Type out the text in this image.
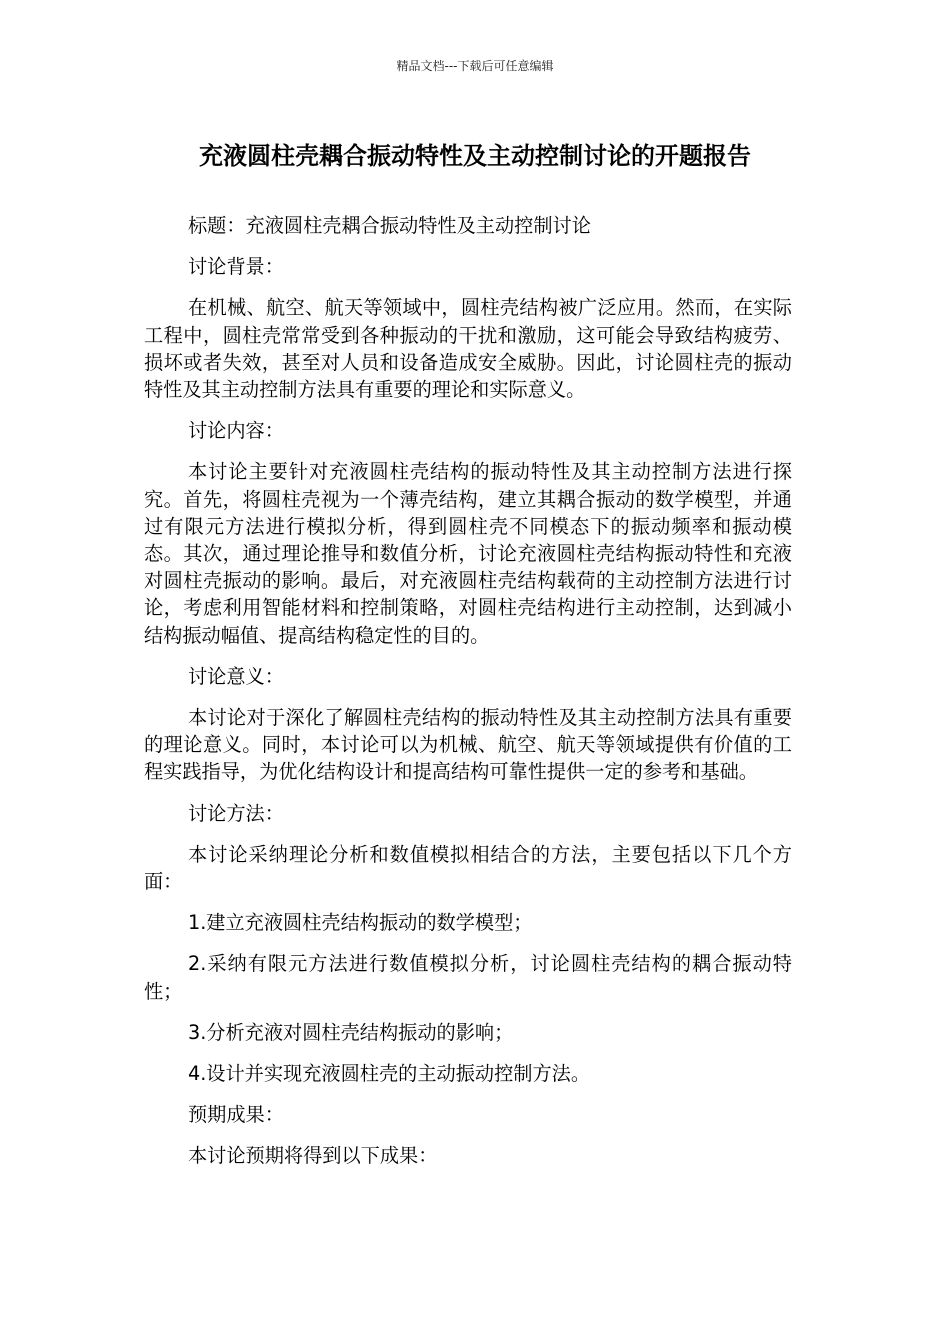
精品文档---下载后可任意编辑
充液圆柱壳耦合振动特性及主动控制讨论的开题报告

标题：充液圆柱壳耦合振动特性及主动控制讨论

讨论背景：

在机械、航空、航天等领域中，圆柱壳结构被广泛应用。然而，在实际工程中，圆柱壳常常受到各种振动的干扰和激励，这可能会导致结构疲劳、损坏或者失效，甚至对人员和设备造成安全威胁。因此，讨论圆柱壳的振动特性及其主动控制方法具有重要的理论和实际意义。

讨论内容：

本讨论主要针对充液圆柱壳结构的振动特性及其主动控制方法进行探究。首先，将圆柱壳视为一个薄壳结构，建立其耦合振动的数学模型，并通过有限元方法进行模拟分析，得到圆柱壳不同模态下的振动频率和振动模态。其次，通过理论推导和数值分析，讨论充液圆柱壳结构振动特性和充液对圆柱壳振动的影响。最后，对充液圆柱壳结构载荷的主动控制方法进行讨论，考虑利用智能材料和控制策略，对圆柱壳结构进行主动控制，达到减小结构振动幅值、提高结构稳定性的目的。

讨论意义：

本讨论对于深化了解圆柱壳结构的振动特性及其主动控制方法具有重要的理论意义。同时，本讨论可以为机械、航空、航天等领域提供有价值的工程实践指导，为优化结构设计和提高结构可靠性提供一定的参考和基础。

讨论方法：

本讨论采纳理论分析和数值模拟相结合的方法，主要包括以下几个方面：

1.建立充液圆柱壳结构振动的数学模型；

2.采纳有限元方法进行数值模拟分析，讨论圆柱壳结构的耦合振动特性；

3.分析充液对圆柱壳结构振动的影响；

4.设计并实现充液圆柱壳的主动振动控制方法。

预期成果：

本讨论预期将得到以下成果：
